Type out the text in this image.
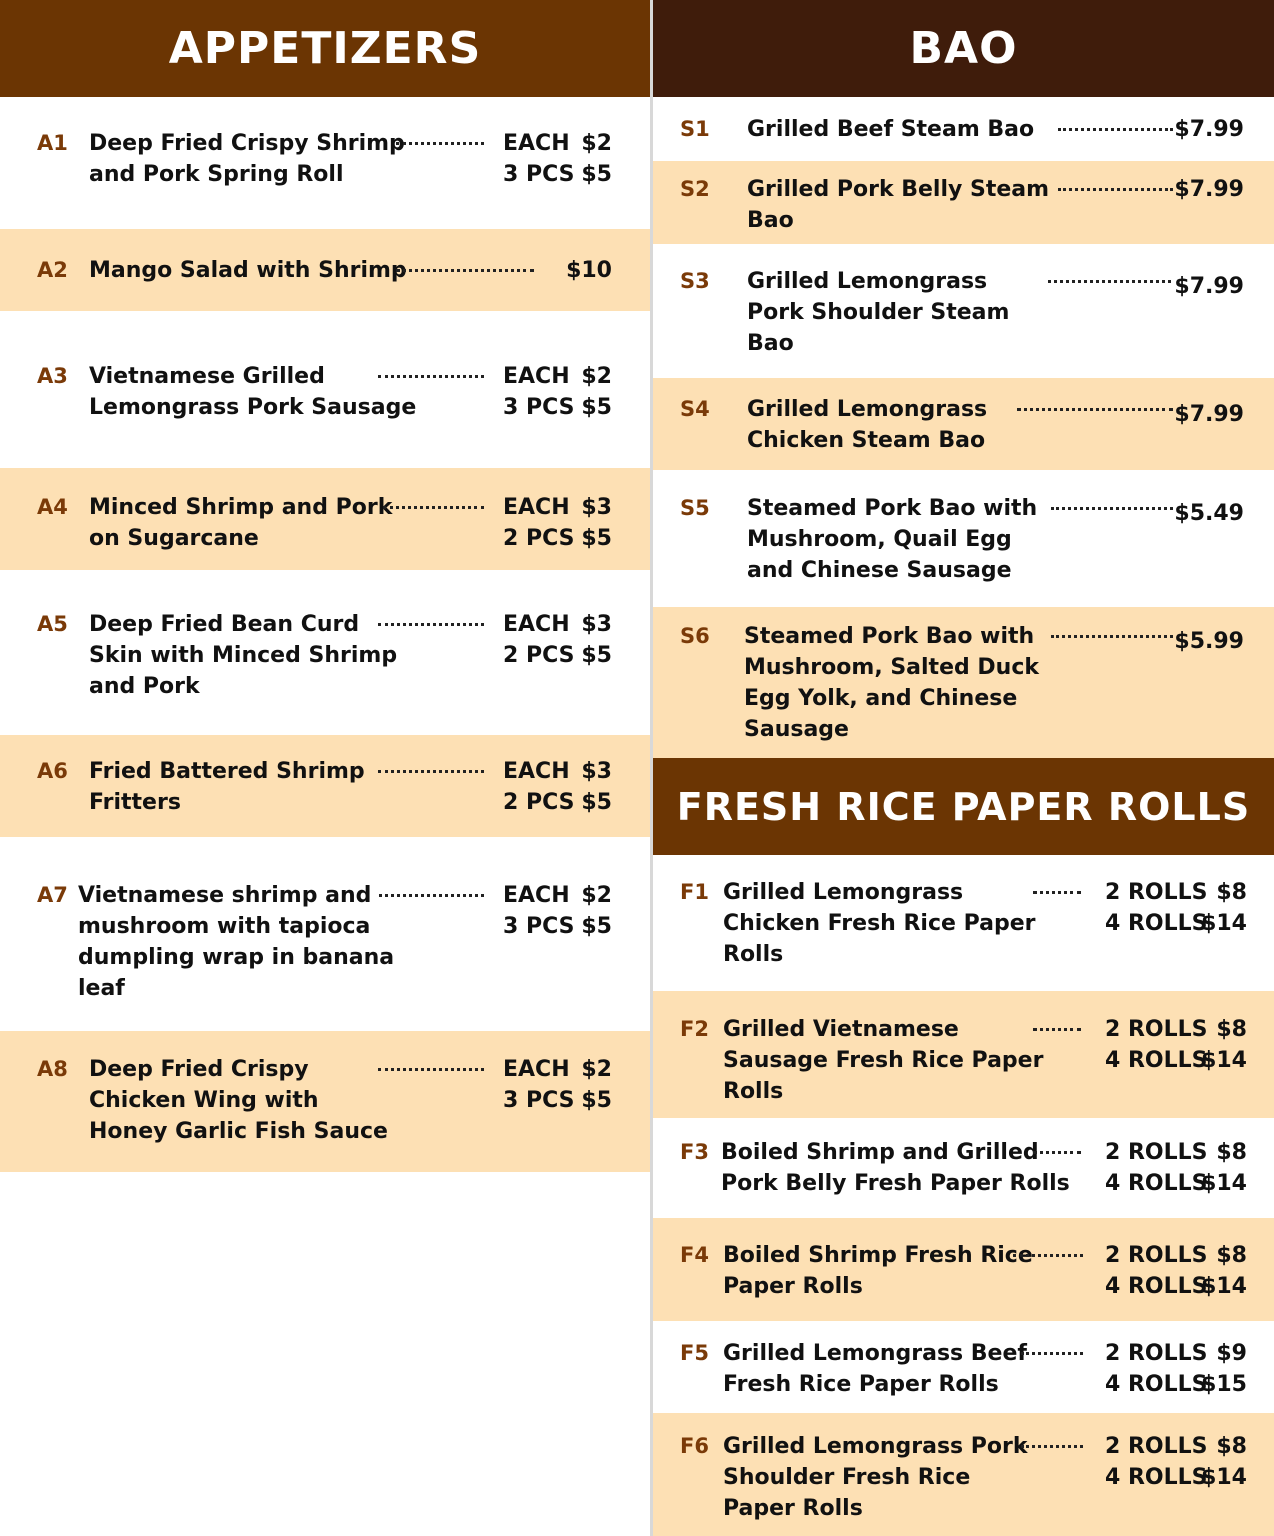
APPETIZERS
A1 Deep Fried Crispy Shrimp
and Pork Spring Roll
EACH $2
3 PCS $5
A2 Mango Salad with Shrimp	$10
A3 Vietnamese Grilled
Lemongrass Pork Sausage
EACH $2
3 PCS $5
A4 Minced Shrimp and Pork
on Sugarcane
EACH $3
2 PCS $5
A5 Deep Fried Bean Curd
Skin with Minced Shrimp
and Pork
EACH $3
2 PCS $5
A6 Fried Battered Shrimp
Fritters
EACH $3
2 PCS $5
A7 Vietnamese shrimp and
mushroom with tapioca
dumpling wrap in banana
leaf
EACH $2
3 PCS $5
A8 Deep Fried Crispy
Chicken Wing with
Honey Garlic Fish Sauce
EACH $2
3 PCS $5
BAO
S1 Grilled Beef Steam Bao	$7.99
S2 Grilled Pork Belly Steam
Bao
$7.99
S3 Grilled Lemongrass
Pork Shoulder Steam
Bao
$7.99
S4 Grilled Lemongrass
Chicken Steam Bao
$7.99
S5 Steamed Pork Bao with
Mushroom, Quail Egg
and Chinese Sausage
$5.49
S6 Steamed Pork Bao with
Mushroom, Salted Duck
Egg Yolk, and Chinese
Sausage
$5.99
FRESH RICE PAPER ROLLS
F1 Grilled Lemongrass
Chicken Fresh Rice Paper
Rolls
2 ROLLS $8
4 ROLLS
$14
F2 Grilled Vietnamese
Sausage Fresh Rice Paper
Rolls
2 ROLLS $8
4 ROLLS
$14
F3 Boiled Shrimp and Grilled
Pork Belly Fresh Paper Rolls
2 ROLLS $8
4 ROLLS
$14
F4 Boiled Shrimp Fresh Rice
Paper Rolls
2 ROLLS $8
4 ROLLS
$14
F5 Grilled Lemongrass Beef
Fresh Rice Paper Rolls
2 ROLLS $9
4 ROLLS
$15
F6 Grilled Lemongrass Pork
Shoulder Fresh Rice
Paper Rolls
2 ROLLS $8
4 ROLLS
$14
